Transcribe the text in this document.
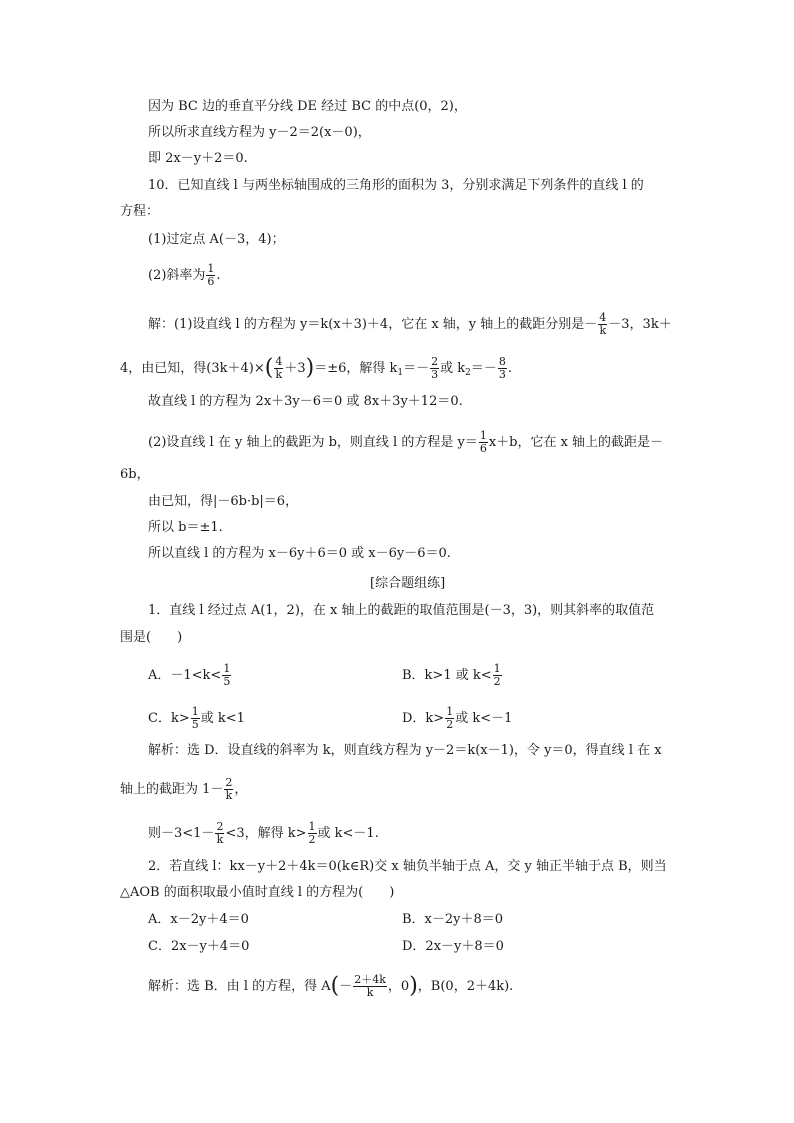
因为 BC 边的垂直平分线 DE 经过 BC 的中点(0，2)，
所以所求直线方程为 y－2＝2(x－0)，
即 2x－y＋2＝0.
10．已知直线 l 与两坐标轴围成的三角形的面积为 3，分别求满足下列条件的直线 l 的
方程：
(1)过定点 A(－3，4)；
(2)斜率为 $\frac{1}{6}$ .
解：(1)设直线 l 的方程为 y＝k(x＋3)＋4，它在 x 轴，y 轴上的截距分别是－ $\frac{4}{k} -3$，3k＋
4，由已知，得$(3k+4)\times( \frac{4}{k} +3)=\pm 6$，解得 $k_1=- \frac{2}{3}$ 或 $k_2=- \frac{8}{3}$ .
故直线 l 的方程为 2x＋3y－6＝0 或 8x＋3y＋12＝0.
(2)设直线 l 在 y 轴上的截距为 b，则直线 l 的方程是 $y= \frac{1}{6} x+b$，它在 x 轴上的截距是－
6b，
由已知，得|－6b·b|＝6，
所以 b＝±1.
所以直线 l 的方程为 x－6y＋6＝0 或 x－6y－6＝0.
[综合题组练]
1．直线 l 经过点 A(1，2)，在 x 轴上的截距的取值范围是(－3，3)，则其斜率的取值范
围是(　　)
A．$-1<k< \frac{1}{5}$	B．k>1 或 $k< \frac{1}{2}$
C．$k> \frac{1}{5}$ 或 k<1	D．$k> \frac{1}{2}$ 或 k<－1
解析：选 D．设直线的斜率为 k，则直线方程为 y－2＝k(x－1)，令 y＝0，得直线 l 在 x
轴上的截距为 $1- \frac{2}{k}$ ，
则$-3<1- \frac{2}{k} <3$，解得 $k> \frac{1}{2}$ 或 k<－1.
2．若直线 l：kx－y＋2＋4k＝0(k∈R)交 x 轴负半轴于点 A，交 y 轴正半轴于点 B，则当
△AOB 的面积取最小值时直线 l 的方程为(　　)
A．x－2y＋4＝0	B．x－2y＋8＝0
C．2x－y＋4＝0	D．2x－y＋8＝0
解析：选 B．由 l 的方程，得 $A(- \frac{2+4k}{k}$ ，0)，B(0，2＋4k).
